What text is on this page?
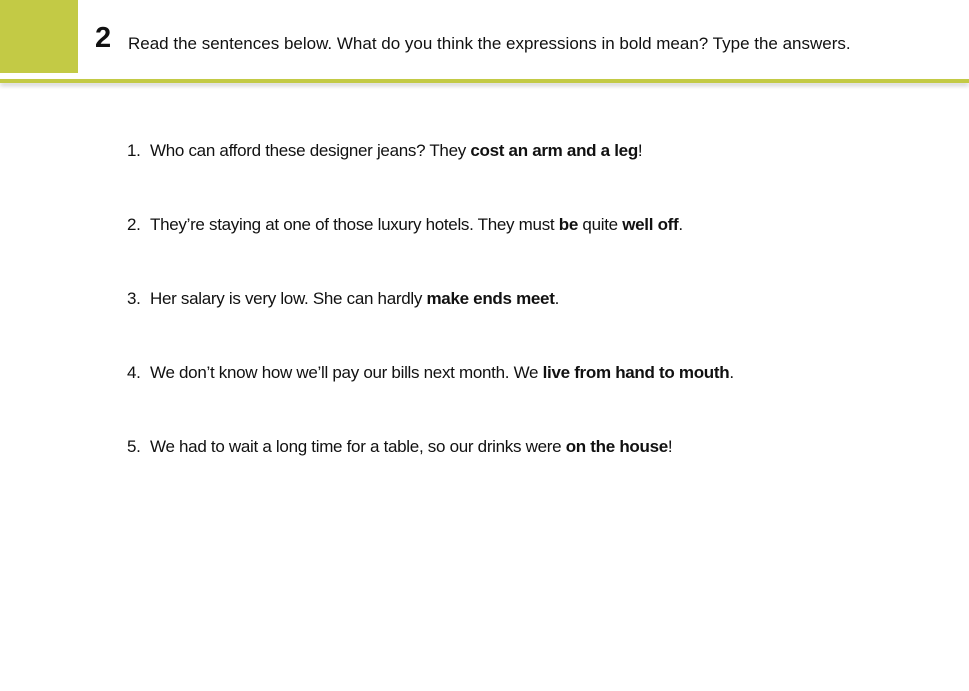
2 Read the sentences below. What do you think the expressions in bold mean? Type the answers.
1. Who can afford these designer jeans? They cost an arm and a leg!
2. They’re staying at one of those luxury hotels. They must be quite well off.
3. Her salary is very low. She can hardly make ends meet.
4. We don’t know how we’ll pay our bills next month. We live from hand to mouth.
5. We had to wait a long time for a table, so our drinks were on the house!
